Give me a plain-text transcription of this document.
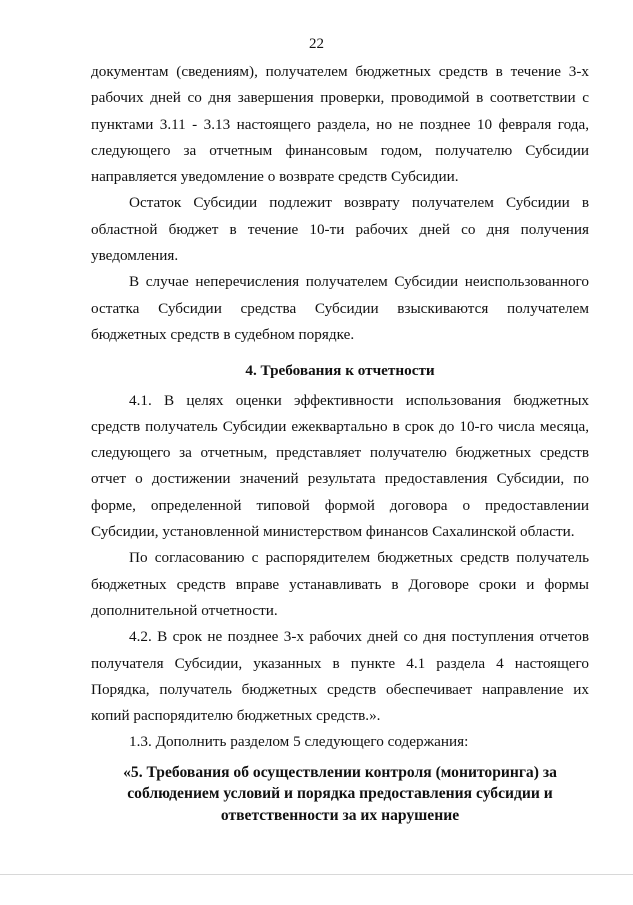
22

документам (сведениям), получателем бюджетных средств в течение 3-х рабочих дней со дня завершения проверки, проводимой в соответствии с пунктами 3.11 - 3.13 настоящего раздела, но не позднее 10 февраля года, следующего за отчетным финансовым годом, получателю Субсидии направляется уведомление о возврате средств Субсидии.

Остаток Субсидии подлежит возврату получателем Субсидии в областной бюджет в течение 10-ти рабочих дней со дня получения уведомления.

В случае неперечисления получателем Субсидии неиспользованного остатка Субсидии средства Субсидии взыскиваются получателем бюджетных средств в судебном порядке.

4. Требования к отчетности

4.1. В целях оценки эффективности использования бюджетных средств получатель Субсидии ежеквартально в срок до 10-го числа месяца, следующего за отчетным, представляет получателю бюджетных средств отчет о достижении значений результата предоставления Субсидии, по форме, определенной типовой формой договора о предоставлении Субсидии, установленной министерством финансов Сахалинской области.

По согласованию с распорядителем бюджетных средств получатель бюджетных средств вправе устанавливать в Договоре сроки и формы дополнительной отчетности.

4.2. В срок не позднее 3-х рабочих дней со дня поступления отчетов получателя Субсидии, указанных в пункте 4.1 раздела 4 настоящего Порядка, получатель бюджетных средств обеспечивает направление их копий распорядителю бюджетных средств.».

1.3. Дополнить разделом 5 следующего содержания:

«5. Требования об осуществлении контроля (мониторинга) за соблюдением условий и порядка предоставления субсидии и ответственности за их нарушение
